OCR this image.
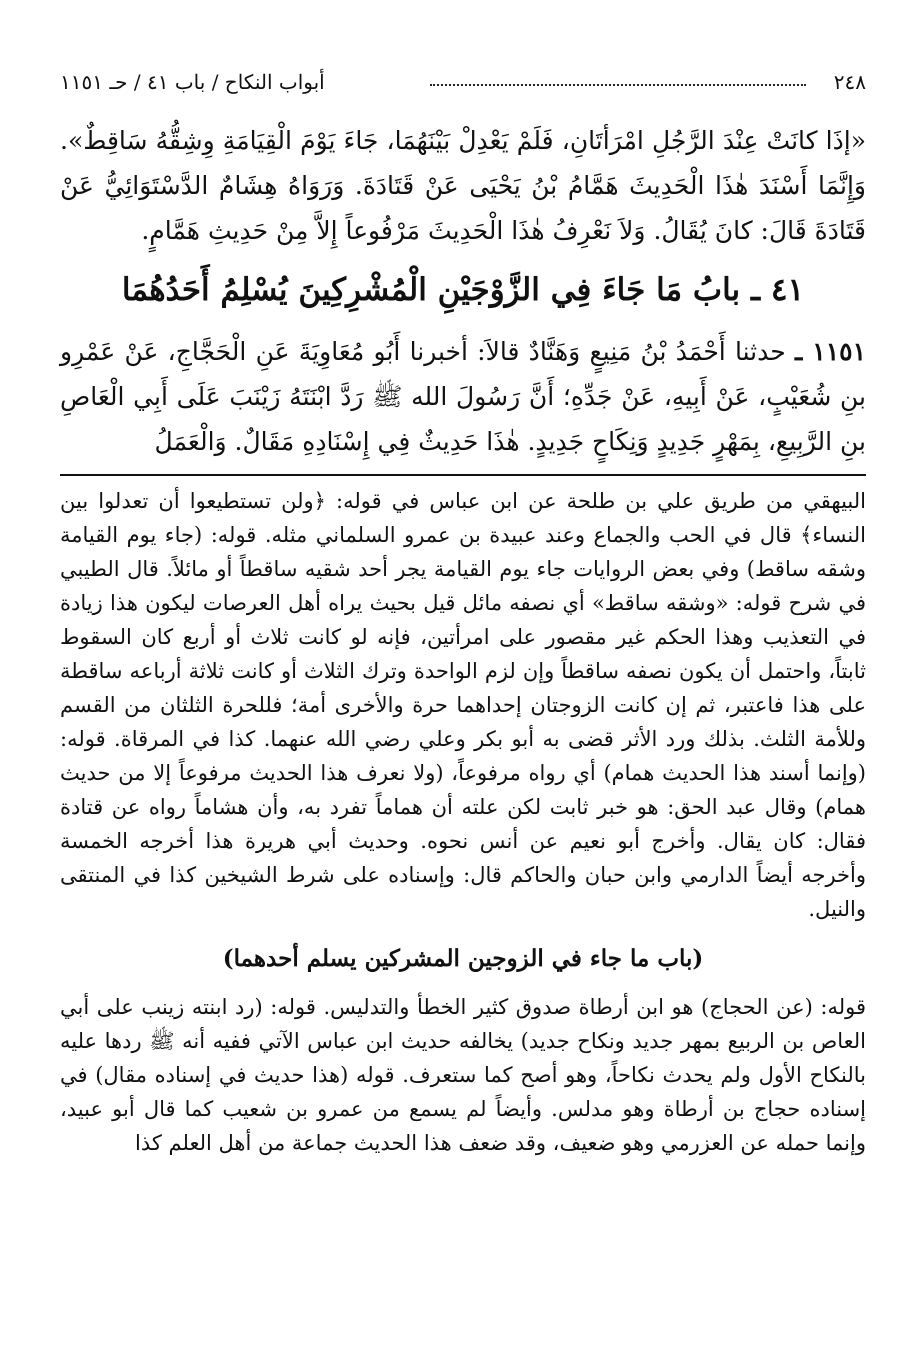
٢٤٨
أبواب النكاح / باب ٤١ / حـ ١١٥١

«إذَا كانَتْ عِنْدَ الرَّجُلِ امْرَأتَانِ، فَلَمْ يَعْدِلْ بَيْنَهُمَا، جَاءَ يَوْمَ الْقِيَامَةِ وِشِقُّهُ سَاقِطٌ». وَإِنَّمَا أَسْنَدَ هٰذَا الْحَدِيثَ هَمَّامُ بْنُ يَحْيَى عَنْ قَتَادَةَ. وَرَوَاهُ هِشَامٌ الدَّسْتَوَائِيُّ عَنْ قَتَادَةَ قَالَ: كانَ يُقَالُ. وَلاَ نَعْرِفُ هٰذَا الْحَدِيثَ مَرْفُوعاً إِلاَّ مِنْ حَدِيثِ هَمَّامٍ.

٤١ ـ بابُ مَا جَاءَ فِي الزَّوْجَيْنِ الْمُشْرِكِينَ يُسْلِمُ أَحَدُهُمَا

١١٥١ ـ حدثنا أَحْمَدُ بْنُ مَنِيعٍ وَهَنَّادٌ قالاَ: أخبرنا أَبُو مُعَاوِيَةَ عَنِ الْحَجَّاجِ، عَنْ عَمْرِو بنِ شُعَيْبٍ، عَنْ أَبِيهِ، عَنْ جَدِّهِ؛ أَنَّ رَسُولَ الله ﷺ رَدَّ ابْنَتَهُ زَيْنَبَ عَلَى أَبِي الْعَاصِ بنِ الرَّبِيعِ، بِمَهْرٍ جَدِيدٍ وَنِكَاحٍ جَدِيدٍ. هٰذَا حَدِيثٌ فِي إِسْنَادِهِ مَقَالٌ. وَالْعَمَلُ

البيهقي من طريق علي بن طلحة عن ابن عباس في قوله: ﴿ولن تستطيعوا أن تعدلوا بين النساء﴾ قال في الحب والجماع وعند عبيدة بن عمرو السلماني مثله. قوله: (جاء يوم القيامة وشقه ساقط) وفي بعض الروايات جاء يوم القيامة يجر أحد شقيه ساقطاً أو مائلاً. قال الطيبي في شرح قوله: «وشقه ساقط» أي نصفه مائل قيل بحيث يراه أهل العرصات ليكون هذا زيادة في التعذيب وهذا الحكم غير مقصور على امرأتين، فإنه لو كانت ثلاث أو أربع كان السقوط ثابتاً، واحتمل أن يكون نصفه ساقطاً وإن لزم الواحدة وترك الثلاث أو كانت ثلاثة أرباعه ساقطة على هذا فاعتبر، ثم إن كانت الزوجتان إحداهما حرة والأخرى أمة؛ فللحرة الثلثان من القسم وللأمة الثلث. بذلك ورد الأثر قضى به أبو بكر وعلي رضي الله عنهما. كذا في المرقاة. قوله: (وإنما أسند هذا الحديث همام) أي رواه مرفوعاً، (ولا نعرف هذا الحديث مرفوعاً إلا من حديث همام) وقال عبد الحق: هو خبر ثابت لكن علته أن هماماً تفرد به، وأن هشاماً رواه عن قتادة فقال: كان يقال. وأخرج أبو نعيم عن أنس نحوه. وحديث أبي هريرة هذا أخرجه الخمسة وأخرجه أيضاً الدارمي وابن حبان والحاكم قال: وإسناده على شرط الشيخين كذا في المنتقى والنيل.

(باب ما جاء في الزوجين المشركين يسلم أحدهما)

قوله: (عن الحجاج) هو ابن أرطاة صدوق كثير الخطأ والتدليس. قوله: (رد ابنته زينب على أبي العاص بن الربيع بمهر جديد ونكاح جديد) يخالفه حديث ابن عباس الآتي ففيه أنه ﷺ ردها عليه بالنكاح الأول ولم يحدث نكاحاً، وهو أصح كما ستعرف. قوله (هذا حديث في إسناده مقال) في إسناده حجاج بن أرطاة وهو مدلس. وأيضاً لم يسمع من عمرو بن شعيب كما قال أبو عبيد، وإنما حمله عن العزرمي وهو ضعيف، وقد ضعف هذا الحديث جماعة من أهل العلم كذا
